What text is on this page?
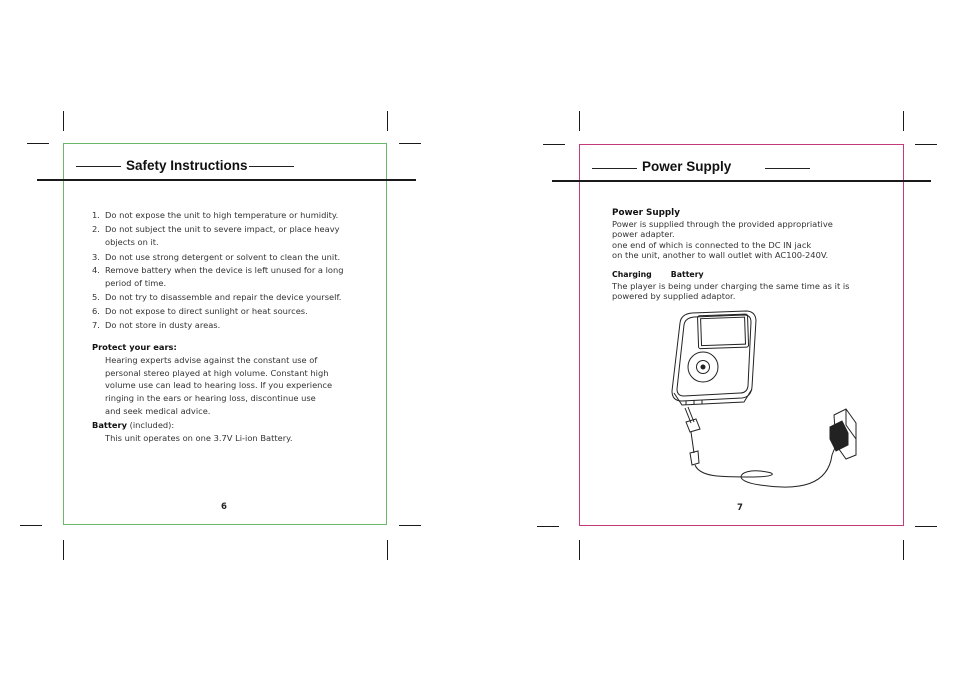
Safety Instructions
1. Do not expose the unit to high temperature or humidity.
2. Do not subject the unit to severe impact, or place heavy objects on it.
3. Do not use strong detergent or solvent to clean the unit.
4. Remove battery when the device is left unused for a long period of time.
5. Do not try to disassemble and repair the device yourself.
6. Do not expose to direct sunlight or heat sources.
7. Do not store in dusty areas.
Protect your ears:
Hearing experts advise against the constant use of
personal stereo played at high volume. Constant high
volume use can lead to hearing loss. If you experience
ringing in the ears or hearing loss, discontinue use
and seek medical advice.
Battery (included):
This unit operates on one 3.7V Li-ion Battery.
6
Power Supply
Power Supply
Power is supplied through the provided appropriative
power adapter.
one end of which is connected to the DC IN jack
on the unit, another to wall outlet with AC100-240V.
Charging Battery
The player is being under charging the same time as it is
powered by supplied adaptor.
7
